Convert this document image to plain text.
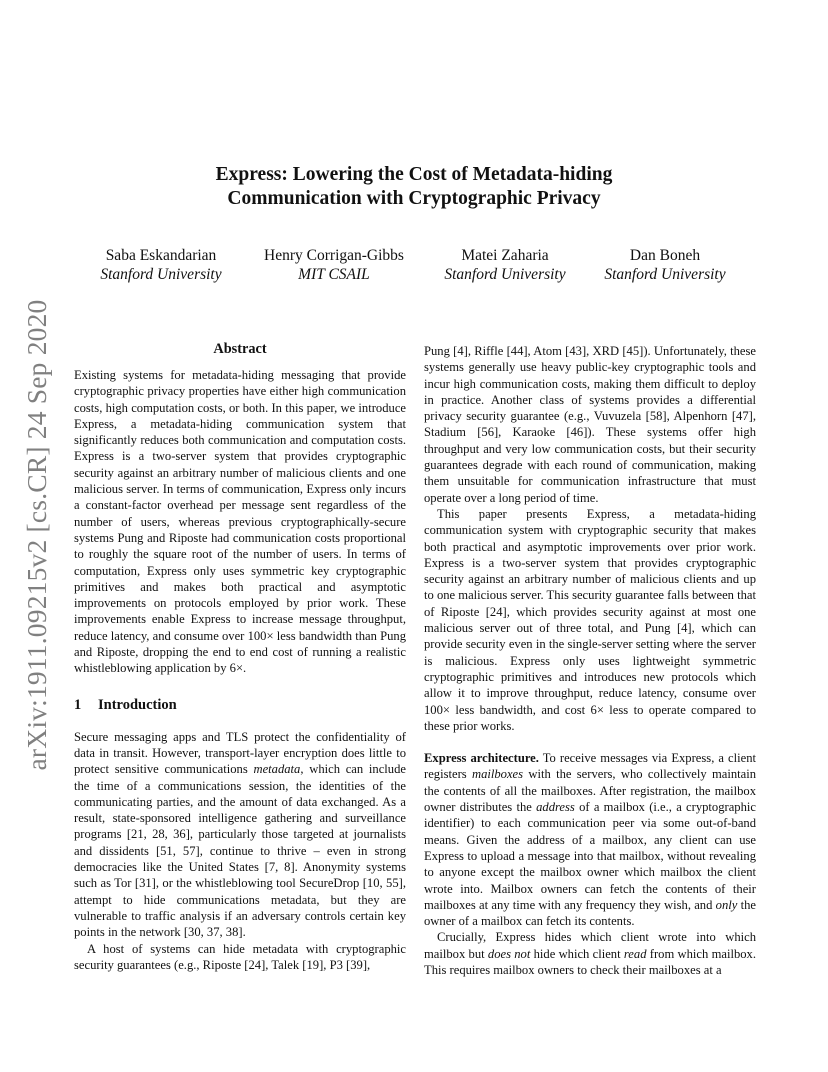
arXiv:1911.09215v2 [cs.CR] 24 Sep 2020
Express: Lowering the Cost of Metadata-hiding
Communication with Cryptographic Privacy
Saba Eskandarian
Stanford University
Henry Corrigan-Gibbs
MIT CSAIL
Matei Zaharia
Stanford University
Dan Boneh
Stanford University
Abstract

Existing systems for metadata-hiding messaging that provide cryptographic privacy properties have either high communication costs, high computation costs, or both. In this paper, we introduce Express, a metadata-hiding communication system that significantly reduces both communication and computation costs. Express is a two-server system that provides cryptographic security against an arbitrary number of malicious clients and one malicious server. In terms of communication, Express only incurs a constant-factor overhead per message sent regardless of the number of users, whereas previous cryptographically-secure systems Pung and Riposte had communication costs proportional to roughly the square root of the number of users. In terms of computation, Express only uses symmetric key cryptographic primitives and makes both practical and asymptotic improvements on protocols employed by prior work. These improvements enable Express to increase message throughput, reduce latency, and consume over 100× less bandwidth than Pung and Riposte, dropping the end to end cost of running a realistic whistleblowing application by 6×.

1 Introduction

Secure messaging apps and TLS protect the confidentiality of data in transit. However, transport-layer encryption does little to protect sensitive communications metadata, which can include the time of a communications session, the identities of the communicating parties, and the amount of data exchanged. As a result, state-sponsored intelligence gathering and surveillance programs [21, 28, 36], particularly those targeted at journalists and dissidents [51, 57], continue to thrive – even in strong democracies like the United States [7, 8]. Anonymity systems such as Tor [31], or the whistleblowing tool SecureDrop [10, 55], attempt to hide communications metadata, but they are vulnerable to traffic analysis if an adversary controls certain key points in the network [30, 37, 38].

A host of systems can hide metadata with cryptographic security guarantees (e.g., Riposte [24], Talek [19], P3 [39],

Pung [4], Riffle [44], Atom [43], XRD [45]). Unfortunately, these systems generally use heavy public-key cryptographic tools and incur high communication costs, making them difficult to deploy in practice. Another class of systems provides a differential privacy security guarantee (e.g., Vuvuzela [58], Alpenhorn [47], Stadium [56], Karaoke [46]). These systems offer high throughput and very low communication costs, but their security guarantees degrade with each round of communication, making them unsuitable for communication infrastructure that must operate over a long period of time.

This paper presents Express, a metadata-hiding communication system with cryptographic security that makes both practical and asymptotic improvements over prior work. Express is a two-server system that provides cryptographic security against an arbitrary number of malicious clients and up to one malicious server. This security guarantee falls between that of Riposte [24], which provides security against at most one malicious server out of three total, and Pung [4], which can provide security even in the single-server setting where the server is malicious. Express only uses lightweight symmetric cryptographic primitives and introduces new protocols which allow it to improve throughput, reduce latency, consume over 100× less bandwidth, and cost 6× less to operate compared to these prior works.

Express architecture. To receive messages via Express, a client registers mailboxes with the servers, who collectively maintain the contents of all the mailboxes. After registration, the mailbox owner distributes the address of a mailbox (i.e., a cryptographic identifier) to each communication peer via some out-of-band means. Given the address of a mailbox, any client can use Express to upload a message into that mailbox, without revealing to anyone except the mailbox owner which mailbox the client wrote into. Mailbox owners can fetch the contents of their mailboxes at any time with any frequency they wish, and only the owner of a mailbox can fetch its contents.

Crucially, Express hides which client wrote into which mailbox but does not hide which client read from which mailbox. This requires mailbox owners to check their mailboxes at a
